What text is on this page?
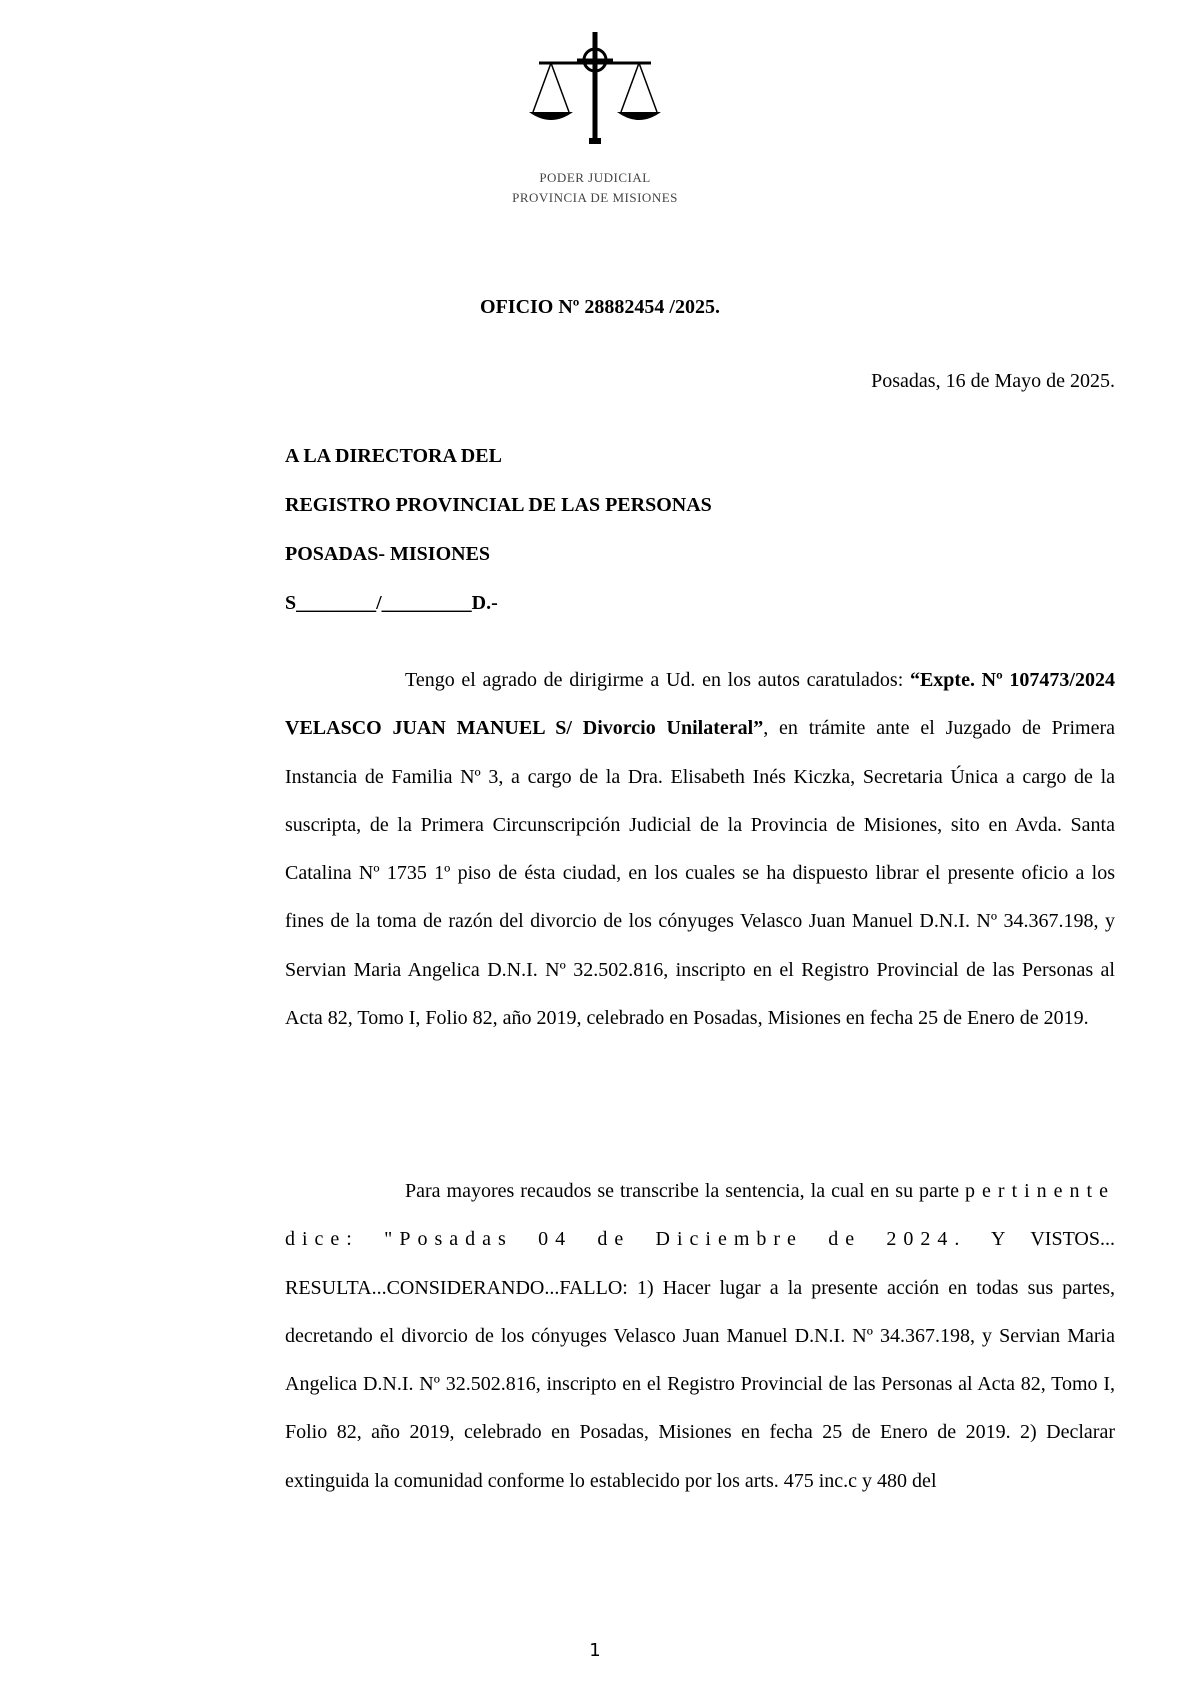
PODER JUDICIAL
PROVINCIA DE MISIONES
OFICIO Nº 28882454 /2025.
Posadas, 16 de Mayo de 2025.
A LA DIRECTORA DEL
REGISTRO PROVINCIAL DE LAS PERSONAS
POSADAS- MISIONES
S________/_________D.-
Tengo el agrado de dirigirme a Ud. en los autos caratulados: “Expte. Nº 107473/2024 VELASCO JUAN MANUEL S/ Divorcio Unilateral”, en trámite ante el Juzgado de Primera Instancia de Familia Nº 3, a cargo de la Dra. Elisabeth Inés Kiczka, Secretaria Única a cargo de la suscripta, de la Primera Circunscripción Judicial de la Provincia de Misiones, sito en Avda. Santa Catalina Nº 1735 1º piso de ésta ciudad, en los cuales se ha dispuesto librar el presente oficio a los fines de la toma de razón del divorcio de los cónyuges Velasco Juan Manuel D.N.I. Nº 34.367.198, y Servian Maria Angelica D.N.I. Nº 32.502.816, inscripto en el Registro Provincial de las Personas al Acta 82, Tomo I, Folio 82, año 2019, celebrado en Posadas, Misiones en fecha 25 de Enero de 2019.
Para mayores recaudos se transcribe la sentencia, la cual en su parte pertinente dice: "Posadas 04 de Diciembre de 2024. Y VISTOS... RESULTA...CONSIDERANDO...FALLO: 1) Hacer lugar a la presente acción en todas sus partes, decretando el divorcio de los cónyuges Velasco Juan Manuel D.N.I. Nº 34.367.198, y Servian Maria Angelica D.N.I. Nº 32.502.816, inscripto en el Registro Provincial de las Personas al Acta 82, Tomo I, Folio 82, año 2019, celebrado en Posadas, Misiones en fecha 25 de Enero de 2019. 2) Declarar extinguida la comunidad conforme lo establecido por los arts. 475 inc.c y 480 del
1
